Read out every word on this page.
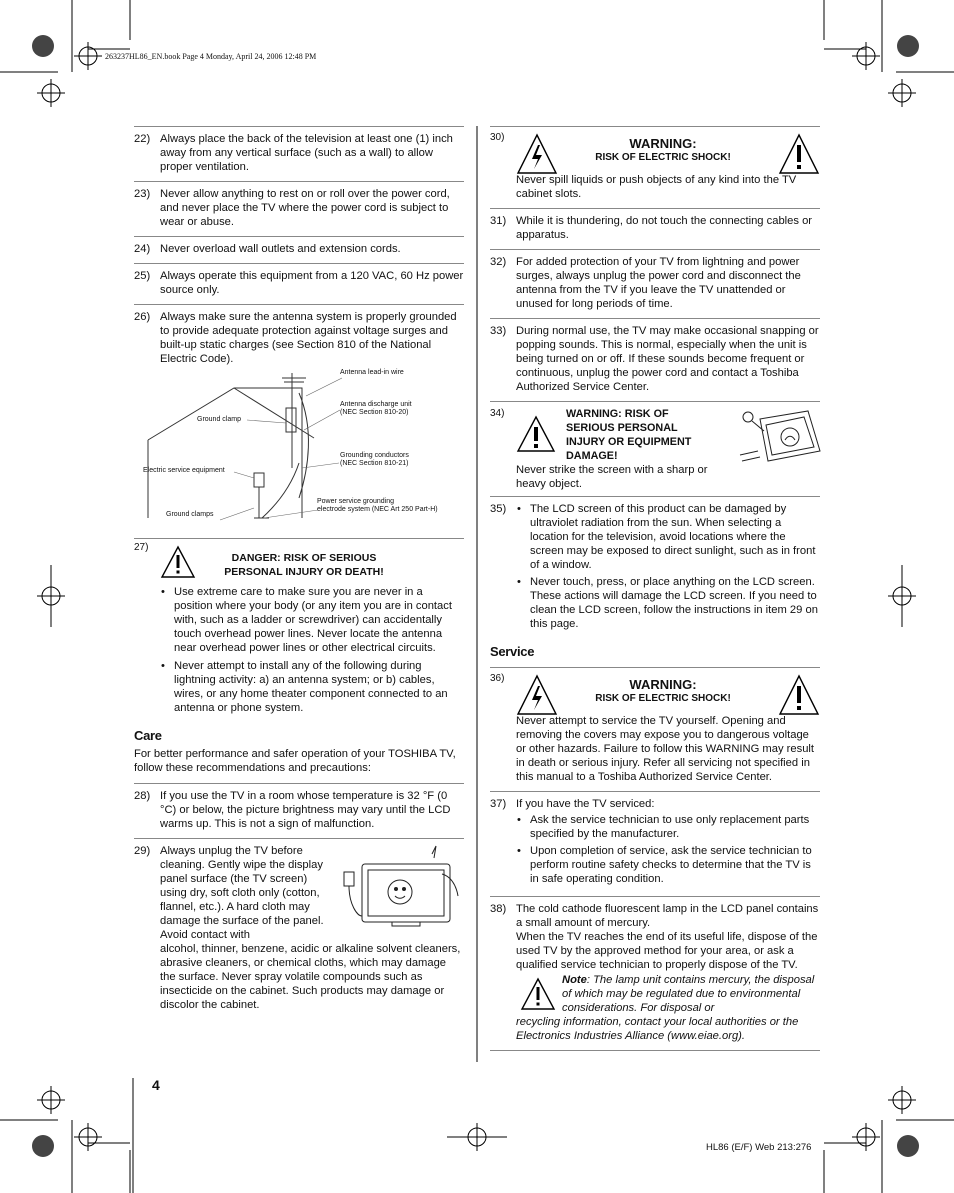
263237HL86_EN.book Page 4 Monday, April 24, 2006 12:48 PM
22) Always place the back of the television at least one (1) inch away from any vertical surface (such as a wall) to allow proper ventilation.
23) Never allow anything to rest on or roll over the power cord, and never place the TV where the power cord is subject to wear or abuse.
24) Never overload wall outlets and extension cords.
25) Always operate this equipment from a 120 VAC, 60 Hz power source only.
26) Always make sure the antenna system is properly grounded to provide adequate protection against voltage surges and built-up static charges (see Section 810 of the National Electric Code).
Antenna lead-in wire
Antenna discharge unit
(NEC Section 810-20)
Ground clamp
Grounding conductors
(NEC Section 810-21)
Electric service equipment
Power service grounding
electrode system (NEC Art 250 Part-H)
Ground clamps
27)
DANGER: RISK OF SERIOUS
PERSONAL INJURY OR DEATH!
• Use extreme care to make sure you are never in a position where your body (or any item you are in contact with, such as a ladder or screwdriver) can accidentally touch overhead power lines. Never locate the antenna near overhead power lines or other electrical circuits.
• Never attempt to install any of the following during lightning activity: a) an antenna system; or b) cables, wires, or any home theater component connected to an antenna or phone system.
Care
For better performance and safer operation of your TOSHIBA TV, follow these recommendations and precautions:
28) If you use the TV in a room whose temperature is 32 °F (0 °C) or below, the picture brightness may vary until the LCD warms up. This is not a sign of malfunction.
29) Always unplug the TV before cleaning. Gently wipe the display panel surface (the TV screen) using dry, soft cloth only (cotton, flannel, etc.). A hard cloth may damage the surface of the panel. Avoid contact with
alcohol, thinner, benzene, acidic or alkaline solvent cleaners, abrasive cleaners, or chemical cloths, which may damage the surface. Never spray volatile compounds such as insecticide on the cabinet. Such products may damage or discolor the cabinet.
4
30)	WARNING:
RISK OF ELECTRIC SHOCK!
Never spill liquids or push objects of any kind into the TV cabinet slots.
31) While it is thundering, do not touch the connecting cables or apparatus.
32) For added protection of your TV from lightning and power surges, always unplug the power cord and disconnect the antenna from the TV if you leave the TV unattended or unused for long periods of time.
33) During normal use, the TV may make occasional snapping or popping sounds. This is normal, especially when the unit is being turned on or off. If these sounds become frequent or continuous, unplug the power cord and contact a Toshiba Authorized Service Center.
34)	WARNING: RISK OF
SERIOUS PERSONAL
INJURY OR EQUIPMENT
DAMAGE!
Never strike the screen with a sharp or heavy object.
35)
•	The LCD screen of this product can be damaged by ultraviolet radiation from the sun. When selecting a location for the television, avoid locations where the screen may be exposed to direct sunlight, such as in front of a window.
• Never touch, press, or place anything on the LCD screen. These actions will damage the LCD screen. If you need to clean the LCD screen, follow the instructions in item 29 on this page.
Service
36)	WARNING:
RISK OF ELECTRIC SHOCK!
Never attempt to service the TV yourself. Opening and removing the covers may expose you to dangerous voltage or other hazards. Failure to follow this WARNING may result in death or serious injury. Refer all servicing not specified in this manual to a Toshiba Authorized Service Center.
37) If you have the TV serviced:
• Ask the service technician to use only replacement parts specified by the manufacturer.
• Upon completion of service, ask the service technician to perform routine safety checks to determine that the TV is in safe operating condition.
38) The cold cathode fluorescent lamp in the LCD panel contains a small amount of mercury.
When the TV reaches the end of its useful life, dispose of the used TV by the approved method for your area, or ask a qualified service technician to properly dispose of the TV.
Note: The lamp unit contains mercury, the disposal of which may be regulated due to environmental considerations. For disposal or
recycling information, contact your local authorities or the Electronics Industries Alliance (www.eiae.org).
HL86 (E/F) Web 213:276
